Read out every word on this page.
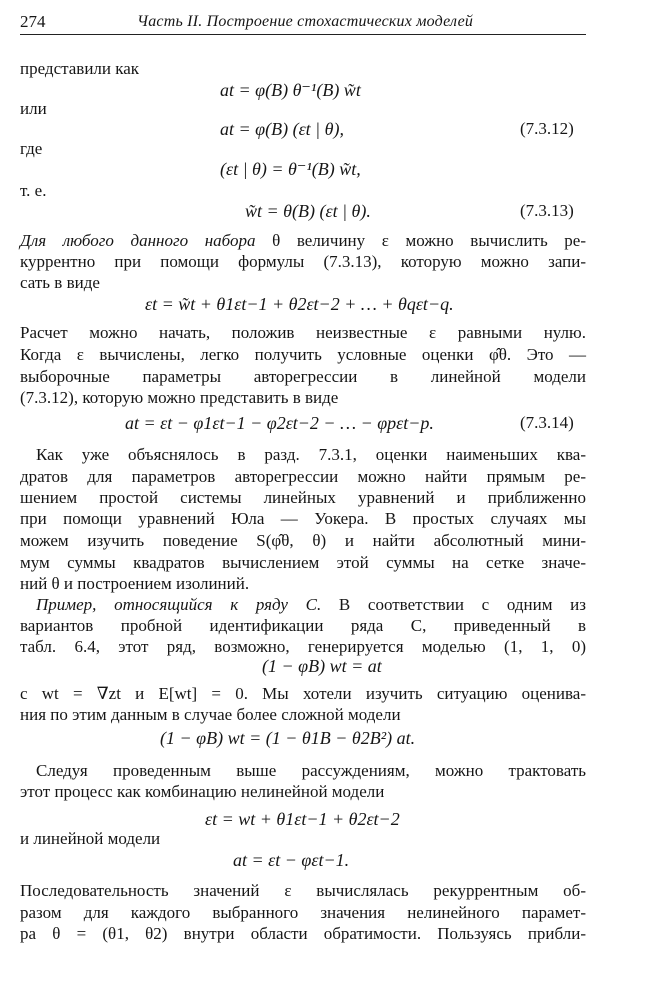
274	Часть II. Построение стохастических моделей
представили как
at = φ(B) θ⁻¹(B) w̃t
или
at = φ(B) (εt | θ),	(7.3.12)
где
(εt | θ) = θ⁻¹(B) w̃t,
т. е.
w̃t = θ(B) (εt | θ).	(7.3.13)
Для любого данного набора θ величину ε можно вычислить ре-
куррентно при помощи формулы (7.3.13), которую можно запи-
сать в виде
εt = w̃t + θ1εt−1 + θ2εt−2 + … + θqεt−q.
Расчет можно начать, положив неизвестные ε равными нулю.
Когда ε вычислены, легко получить условные оценки φ̂θ. Это —
выборочные параметры авторегрессии в линейной модели
(7.3.12), которую можно представить в виде
at = εt − φ1εt−1 − φ2εt−2 − … − φpεt−p.	(7.3.14)
Как уже объяснялось в разд. 7.3.1, оценки наименьших ква-
дратов для параметров авторегрессии можно найти прямым ре-
шением простой системы линейных уравнений и приближенно
при помощи уравнений Юла — Уокера. В простых случаях мы
можем изучить поведение S(φ̂θ, θ) и найти абсолютный мини-
мум суммы квадратов вычислением этой суммы на сетке значе-
ний θ и построением изолиний.
Пример, относящийся к ряду С. В соответствии с одним из
вариантов пробной идентификации ряда С, приведенный в
табл. 6.4, этот ряд, возможно, генерируется моделью (1, 1, 0)
(1 − φB) wt = at
с wt = ∇zt и E[wt] = 0. Мы хотели изучить ситуацию оценива-
ния по этим данным в случае более сложной модели
(1 − φB) wt = (1 − θ1B − θ2B²) at.
Следуя проведенным выше рассуждениям, можно трактовать
этот процесс как комбинацию нелинейной модели
εt = wt + θ1εt−1 + θ2εt−2
и линейной модели
at = εt − φεt−1.
Последовательность значений ε вычислялась рекуррентным об-
разом для каждого выбранного значения нелинейного парамет-
ра θ = (θ1, θ2) внутри области обратимости. Пользуясь прибли-
